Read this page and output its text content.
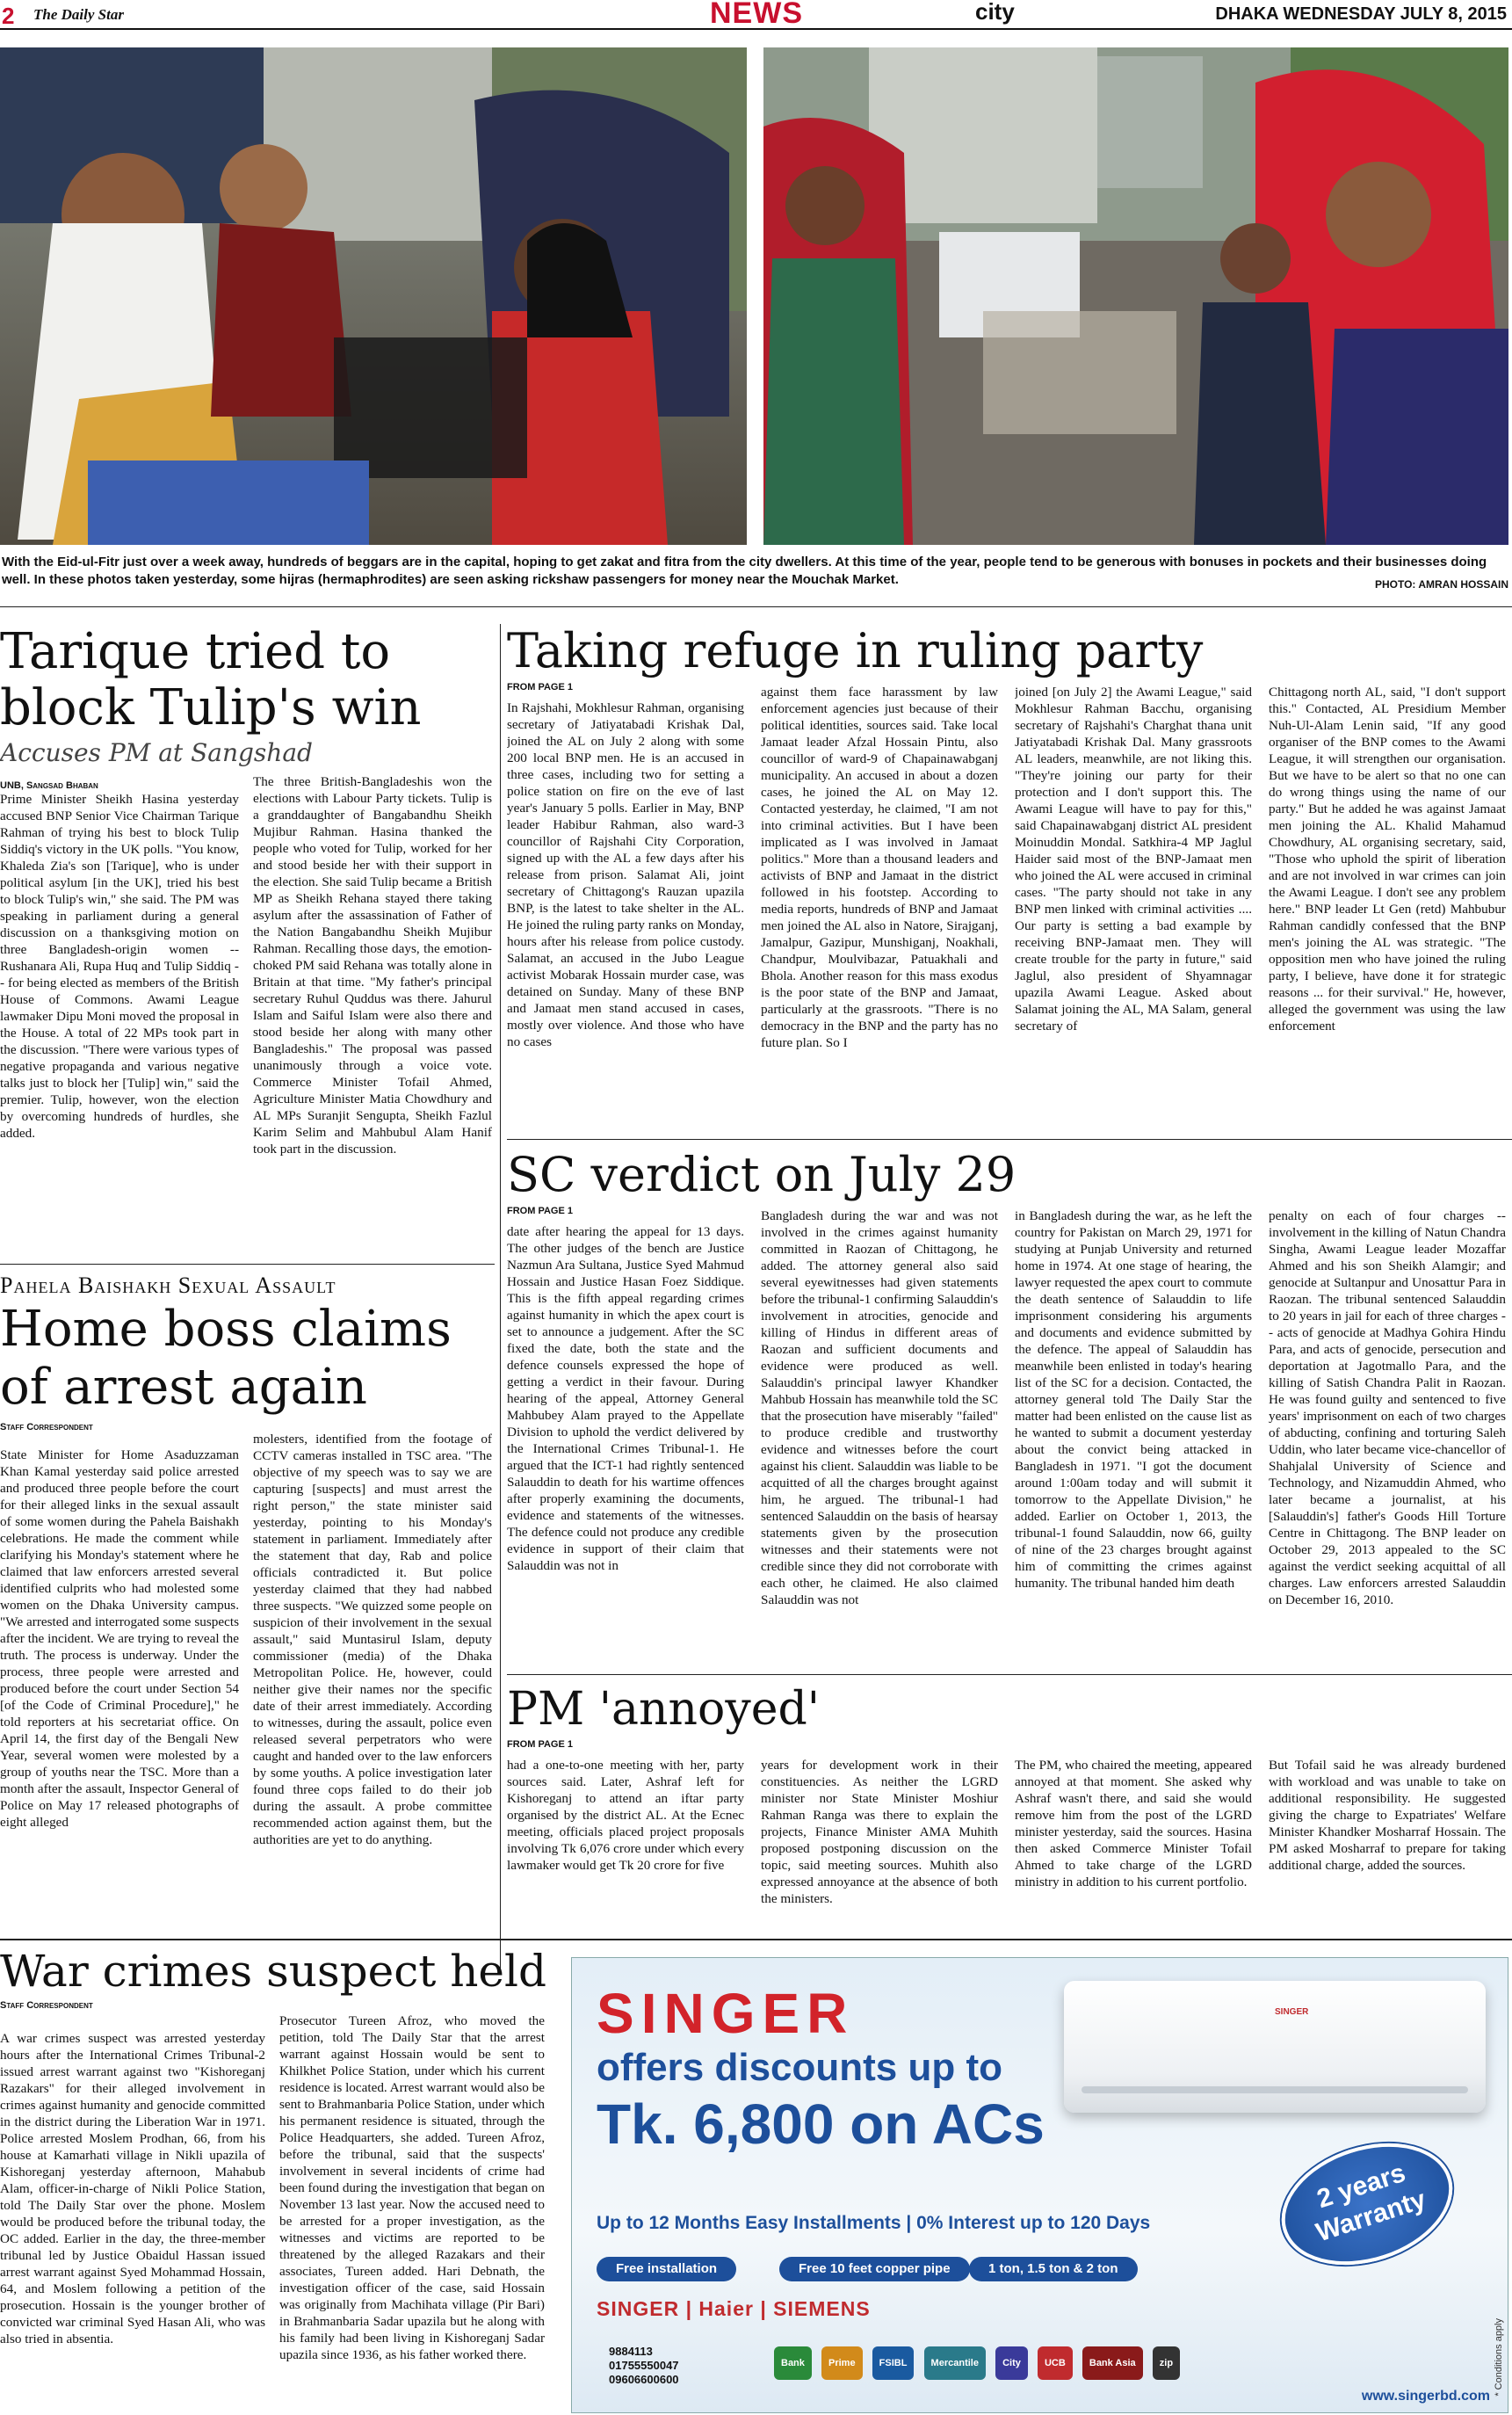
2 The Daily Star	NEWS	city	DHAKA WEDNESDAY JULY 8, 2015
With the Eid-ul-Fitr just over a week away, hundreds of beggars are in the capital, hoping to get zakat and fitra from the city dwellers. At this time of the year, people tend to be generous with bonuses in pockets and their businesses doing well. In these photos taken yesterday, some hijras (hermaphrodites) are seen asking rickshaw passengers for money near the Mouchak Market.	PHOTO: AMRAN HOSSAIN
Tarique tried to block Tulip's win
Accuses PM at Sangshad
UNB, Sangsad Bhaban
Prime Minister Sheikh Hasina yesterday accused BNP Senior Vice Chairman Tarique Rahman of trying his best to block Tulip Siddiq's victory in the UK polls. "You know, Khaleda Zia's son [Tarique], who is under political asylum [in the UK], tried his best to block Tulip's win," she said. The PM was speaking in parliament during a general discussion on a thanksgiving motion on three Bangladesh-origin women -- Rushanara Ali, Rupa Huq and Tulip Siddiq -- for being elected as members of the British House of Commons. Awami League lawmaker Dipu Moni moved the proposal in the House. A total of 22 MPs took part in the discussion. "There were various types of negative propaganda and various negative talks just to block her [Tulip] win," said the premier. Tulip, however, won the election by overcoming hundreds of hurdles, she added.
The three British-Bangladeshis won the elections with Labour Party tickets. Tulip is a granddaughter of Bangabandhu Sheikh Mujibur Rahman. Hasina thanked the people who voted for Tulip, worked for her and stood beside her with their support in the election. She said Tulip became a British MP as Sheikh Rehana stayed there taking asylum after the assassination of Father of the Nation Bangabandhu Sheikh Mujibur Rahman. Recalling those days, the emotion-choked PM said Rehana was totally alone in Britain at that time. "My father's principal secretary Ruhul Quddus was there. Jahurul Islam and Saiful Islam were also there and stood beside her along with many other Bangladeshis." The proposal was passed unanimously through a voice vote. Commerce Minister Tofail Ahmed, Agriculture Minister Matia Chowdhury and AL MPs Suranjit Sengupta, Sheikh Fazlul Karim Selim and Mahbubul Alam Hanif took part in the discussion.
Taking refuge in ruling party
FROM PAGE 1
In Rajshahi, Mokhlesur Rahman, organising secretary of Jatiyatabadi Krishak Dal, joined the AL on July 2 along with some 200 local BNP men. He is an accused in three cases, including two for setting a police station on fire on the eve of last year's January 5 polls. Earlier in May, BNP leader Habibur Rahman, also ward-3 councillor of Rajshahi City Corporation, signed up with the AL a few days after his release from prison. Salamat Ali, joint secretary of Chittagong's Rauzan upazila BNP, is the latest to take shelter in the AL. He joined the ruling party ranks on Monday, hours after his release from police custody. Salamat, an accused in the Jubo League activist Mobarak Hossain murder case, was detained on Sunday. Many of these BNP and Jamaat men stand accused in cases, mostly over violence. And those who have no cases
against them face harassment by law enforcement agencies just because of their political identities, sources said. Take local Jamaat leader Afzal Hossain Pintu, also councillor of ward-9 of Chapainawabganj municipality. An accused in about a dozen cases, he joined the AL on May 12. Contacted yesterday, he claimed, "I am not into criminal activities. But I have been implicated as I was involved in Jamaat politics." More than a thousand leaders and activists of BNP and Jamaat in the district followed in his footstep. According to media reports, hundreds of BNP and Jamaat men joined the AL also in Natore, Sirajganj, Jamalpur, Gazipur, Munshiganj, Noakhali, Chandpur, Moulvibazar, Patuakhali and Bhola. Another reason for this mass exodus is the poor state of the BNP and Jamaat, particularly at the grassroots. "There is no democracy in the BNP and the party has no future plan. So I
joined [on July 2] the Awami League," said Mokhlesur Rahman Bacchu, organising secretary of Rajshahi's Charghat thana unit Jatiyatabadi Krishak Dal. Many grassroots AL leaders, meanwhile, are not liking this. "They're joining our party for their protection and I don't support this. The Awami League will have to pay for this," said Chapainawabganj district AL president Moinuddin Mondal. Satkhira-4 MP Jaglul Haider said most of the BNP-Jamaat men who joined the AL were accused in criminal cases. "The party should not take in any BNP men linked with criminal activities .... Our party is setting a bad example by receiving BNP-Jamaat men. They will create trouble for the party in future," said Jaglul, also president of Shyamnagar upazila Awami League. Asked about Salamat joining the AL, MA Salam, general secretary of
Chittagong north AL, said, "I don't support this." Contacted, AL Presidium Member Nuh-Ul-Alam Lenin said, "If any good organiser of the BNP comes to the Awami League, it will strengthen our organisation. But we have to be alert so that no one can do wrong things using the name of our party." But he added he was against Jamaat men joining the AL. Khalid Mahamud Chowdhury, AL organising secretary, said, "Those who uphold the spirit of liberation and are not involved in war crimes can join the Awami League. I don't see any problem here." BNP leader Lt Gen (retd) Mahbubur Rahman candidly confessed that the BNP men's joining the AL was strategic. "The opposition men who have joined the ruling party, I believe, have done it for strategic reasons ... for their survival." He, however, alleged the government was using the law enforcement
Pahela Baishakh Sexual Assault
Home boss claims of arrest again
Staff Correspondent
State Minister for Home Asaduzzaman Khan Kamal yesterday said police arrested and produced three people before the court for their alleged links in the sexual assault of some women during the Pahela Baishakh celebrations. He made the comment while clarifying his Monday's statement where he claimed that law enforcers arrested several identified culprits who had molested some women on the Dhaka University campus. "We arrested and interrogated some suspects after the incident. We are trying to reveal the truth. The process is underway. Under the process, three people were arrested and produced before the court under Section 54 [of the Code of Criminal Procedure]," he told reporters at his secretariat office. On April 14, the first day of the Bengali New Year, several women were molested by a group of youths near the TSC. More than a month after the assault, Inspector General of Police on May 17 released photographs of eight alleged
molesters, identified from the footage of CCTV cameras installed in TSC area. "The objective of my speech was to say we are capturing [suspects] and must arrest the right person," the state minister said yesterday, pointing to his Monday's statement in parliament. Immediately after the statement that day, Rab and police officials contradicted it. But police yesterday claimed that they had nabbed three suspects. "We quizzed some people on suspicion of their involvement in the sexual assault," said Muntasirul Islam, deputy commissioner (media) of the Dhaka Metropolitan Police. He, however, could neither give their names nor the specific date of their arrest immediately. According to witnesses, during the assault, police even released several perpetrators who were caught and handed over to the law enforcers by some youths. A police investigation later found three cops failed to do their job during the assault. A probe committee recommended action against them, but the authorities are yet to do anything.
SC verdict on July 29
FROM PAGE 1
date after hearing the appeal for 13 days. The other judges of the bench are Justice Nazmun Ara Sultana, Justice Syed Mahmud Hossain and Justice Hasan Foez Siddique. This is the fifth appeal regarding crimes against humanity in which the apex court is set to announce a judgement. After the SC fixed the date, both the state and the defence counsels expressed the hope of getting a verdict in their favour. During hearing of the appeal, Attorney General Mahbubey Alam prayed to the Appellate Division to uphold the verdict delivered by the International Crimes Tribunal-1. He argued that the ICT-1 had rightly sentenced Salauddin to death for his wartime offences after properly examining the documents, evidence and statements of the witnesses. The defence could not produce any credible evidence in support of their claim that Salauddin was not in
Bangladesh during the war and was not involved in the crimes against humanity committed in Raozan of Chittagong, he added. The attorney general also said several eyewitnesses had given statements before the tribunal-1 confirming Salauddin's involvement in atrocities, genocide and killing of Hindus in different areas of Raozan and sufficient documents and evidence were produced as well. Salauddin's principal lawyer Khandker Mahbub Hossain has meanwhile told the SC that the prosecution have miserably "failed" to produce credible and trustworthy evidence and witnesses before the court against his client. Salauddin was liable to be acquitted of all the charges brought against him, he argued. The tribunal-1 had sentenced Salauddin on the basis of hearsay statements given by the prosecution witnesses and their statements were not credible since they did not corroborate with each other, he claimed. He also claimed Salauddin was not
in Bangladesh during the war, as he left the country for Pakistan on March 29, 1971 for studying at Punjab University and returned home in 1974. At one stage of hearing, the lawyer requested the apex court to commute the death sentence of Salauddin to life imprisonment considering his arguments and documents and evidence submitted by the defence. The appeal of Salauddin has meanwhile been enlisted in today's hearing list of the SC for a decision. Contacted, the attorney general told The Daily Star the matter had been enlisted on the cause list as he wanted to submit a document yesterday about the convict being attacked in Bangladesh in 1971. "I got the document around 1:00am today and will submit it tomorrow to the Appellate Division," he added. Earlier on October 1, 2013, the tribunal-1 found Salauddin, now 66, guilty of nine of the 23 charges brought against him of committing the crimes against humanity. The tribunal handed him death
penalty on each of four charges -- involvement in the killing of Natun Chandra Singha, Awami League leader Mozaffar Ahmed and his son Sheikh Alamgir; and genocide at Sultanpur and Unosattur Para in Raozan. The tribunal sentenced Salauddin to 20 years in jail for each of three charges -- acts of genocide at Madhya Gohira Hindu Para, and acts of genocide, persecution and deportation at Jagotmallo Para, and the killing of Satish Chandra Palit in Raozan. He was found guilty and sentenced to five years' imprisonment on each of two charges of abducting, confining and torturing Saleh Uddin, who later became vice-chancellor of Shahjalal University of Science and Technology, and Nizamuddin Ahmed, who later became a journalist, at his [Salauddin's] father's Goods Hill Torture Centre in Chittagong. The BNP leader on October 29, 2013 appealed to the SC against the verdict seeking acquittal of all charges. Law enforcers arrested Salauddin on December 16, 2010.
PM 'annoyed'
FROM PAGE 1
had a one-to-one meeting with her, party sources said. Later, Ashraf left for Kishoreganj to attend an iftar party organised by the district AL. At the Ecnec meeting, officials placed project proposals involving Tk 6,076 crore under which every lawmaker would get Tk 20 crore for five
years for development work in their constituencies. As neither the LGRD minister nor State Minister Moshiur Rahman Ranga was there to explain the projects, Finance Minister AMA Muhith proposed postponing discussion on the topic, said meeting sources. Muhith also expressed annoyance at the absence of both the ministers.
The PM, who chaired the meeting, appeared annoyed at that moment. She asked why Ashraf wasn't there, and said she would remove him from the post of the LGRD minister yesterday, said the sources. Hasina then asked Commerce Minister Tofail Ahmed to take charge of the LGRD ministry in addition to his current portfolio.
But Tofail said he was already burdened with workload and was unable to take on additional responsibility. He suggested giving the charge to Expatriates' Welfare Minister Khandker Mosharraf Hossain. The PM asked Mosharraf to prepare for taking additional charge, added the sources.
War crimes suspect held
Staff Correspondent
A war crimes suspect was arrested yesterday hours after the International Crimes Tribunal-2 issued arrest warrant against two "Kishoreganj Razakars" for their alleged involvement in crimes against humanity and genocide committed in the district during the Liberation War in 1971. Police arrested Moslem Prodhan, 66, from his house at Kamarhati village in Nikli upazila of Kishoreganj yesterday afternoon, Mahabub Alam, officer-in-charge of Nikli Police Station, told The Daily Star over the phone. Moslem would be produced before the tribunal today, the OC added. Earlier in the day, the three-member tribunal led by Justice Obaidul Hassan issued arrest warrant against Syed Mohammad Hossain, 64, and Moslem following a petition of the prosecution. Hossain is the younger brother of convicted war criminal Syed Hasan Ali, who was also tried in absentia.
Prosecutor Tureen Afroz, who moved the petition, told The Daily Star that the arrest warrant against Hossain would be sent to Khilkhet Police Station, under which his current residence is located. Arrest warrant would also be sent to Brahmanbaria Police Station, under which his permanent residence is situated, through the Police Headquarters, she added. Tureen Afroz, before the tribunal, said that the suspects' involvement in several incidents of crime had been found during the investigation that began on November 13 last year. Now the accused need to be arrested for a proper investigation, as the witnesses and victims are reported to be threatened by the alleged Razakars and their associates, Tureen added. Hari Debnath, the investigation officer of the case, said Hossain was originally from Machihata village (Pir Bari) in Brahmanbaria Sadar upazila but he along with his family had been living in Kishoreganj Sadar upazila since 1936, as his father worked there.
SINGER
SINGER
offers discounts up to
Tk. 6,800 on ACs
Up to 12 Months Easy Installments | 0% Interest up to 120 Days
Free installation	Free 10 feet copper pipe	1 ton, 1.5 ton & 2 ton
SINGER | Haier | SIEMENS
2 years Warranty
9884113
01755550047
09606600600
Bank Prime FSIBL Mercantile City UCB Bank Asia zip	* Conditions apply
www.singerbd.com
